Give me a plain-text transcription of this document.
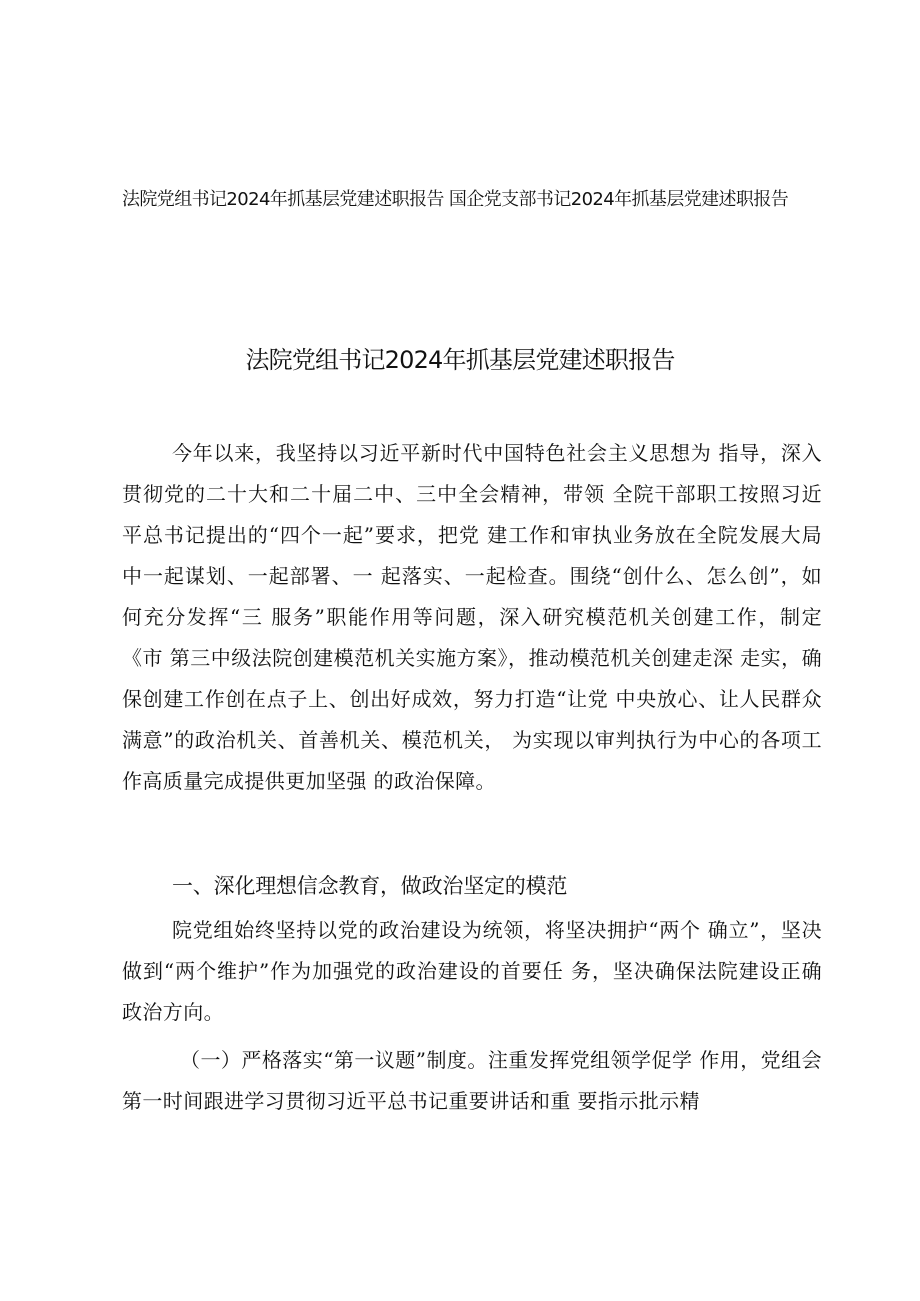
法院党组书记2024年抓基层党建述职报告 国企党支部书记2024年抓基层党建述职报告

法院党组书记2024年抓基层党建述职报告

今年以来，我坚持以习近平新时代中国特色社会主义思想为 指导，深入贯彻党的二十大和二十届二中、三中全会精神，带领 全院干部职工按照习近平总书记提出的“四个一起”要求，把党 建工作和审执业务放在全院发展大局中一起谋划、一起部署、一 起落实、一起检查。围绕“创什么、怎么创”，如何充分发挥“三 服务”职能作用等问题，深入研究模范机关创建工作，制定《市 第三中级法院创建模范机关实施方案》，推动模范机关创建走深 走实，确保创建工作创在点子上、创出好成效，努力打造“让党 中央放心、让人民群众满意”的政治机关、首善机关、模范机关， 为实现以审判执行为中心的各项工作高质量完成提供更加坚强 的政治保障。

一、深化理想信念教育，做政治坚定的模范

院党组始终坚持以党的政治建设为统领，将坚决拥护“两个 确立”，坚决做到“两个维护”作为加强党的政治建设的首要任 务，坚决确保法院建设正确政治方向。

（一）严格落实“第一议题”制度。注重发挥党组领学促学 作用，党组会第一时间跟进学习贯彻习近平总书记重要讲话和重 要指示批示精
